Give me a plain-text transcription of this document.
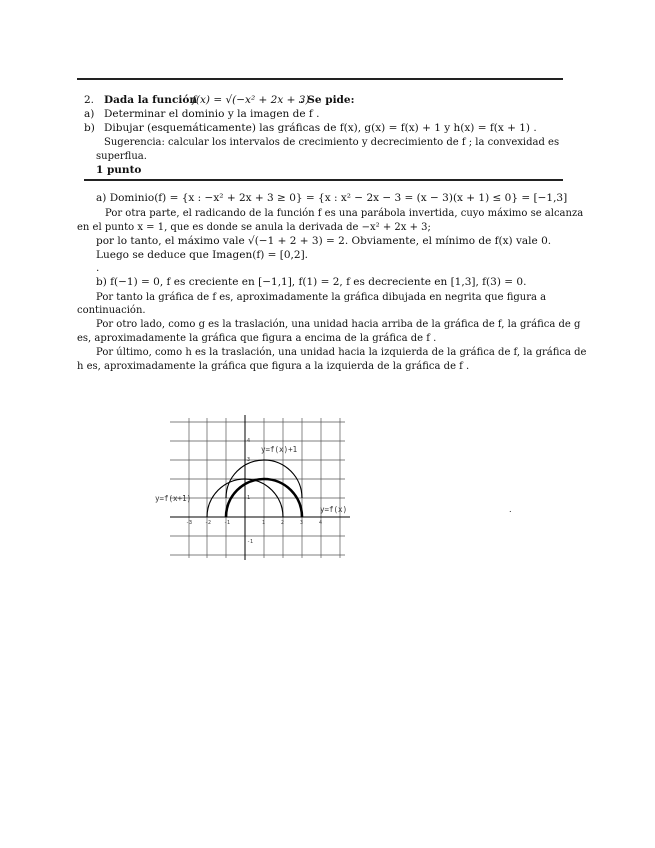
2. Dada la función
f(x) = √(−x² + 2x + 3)
. Se pide:
a) Determinar el dominio y la imagen de f .
b) Dibujar (esquemáticamente) las gráficas de f(x), g(x) = f(x) + 1 y h(x) = f(x + 1) .
Sugerencia: calcular los intervalos de crecimiento y decrecimiento de f ; la convexidad es
superflua.
1 punto
a) Dominio(f) = {x : −x² + 2x + 3 ≥ 0} = {x : x² − 2x − 3 = (x − 3)(x + 1) ≤ 0} = [−1,3]
Por otra parte, el radicando de la función f es una parábola invertida, cuyo máximo se alcanza
en el punto x = 1, que es donde se anula la derivada de −x² + 2x + 3;
por lo tanto, el máximo vale √(−1 + 2 + 3) = 2. Obviamente, el mínimo de f(x) vale 0.
Luego se deduce que Imagen(f) = [0,2].
.
b) f(−1) = 0, f es creciente en [−1,1], f(1) = 2, f es decreciente en [1,3], f(3) = 0.
Por tanto la gráfica de f es, aproximadamente la gráfica dibujada en negrita que figura a
continuación.
Por otro lado, como g es la traslación, una unidad hacia arriba de la gráfica de f, la gráfica de g
es, aproximadamente la gráfica que figura a encima de la gráfica de f .
Por último, como h es la traslación, una unidad hacia la izquierda de la gráfica de f, la gráfica de
h es, aproximadamente la gráfica que figura a la izquierda de la gráfica de f .
y=f(x)+1
y=f(x+1)
y=f(x)
-3	-2	-1	1	2	3	4
4
3
1
-1
.
